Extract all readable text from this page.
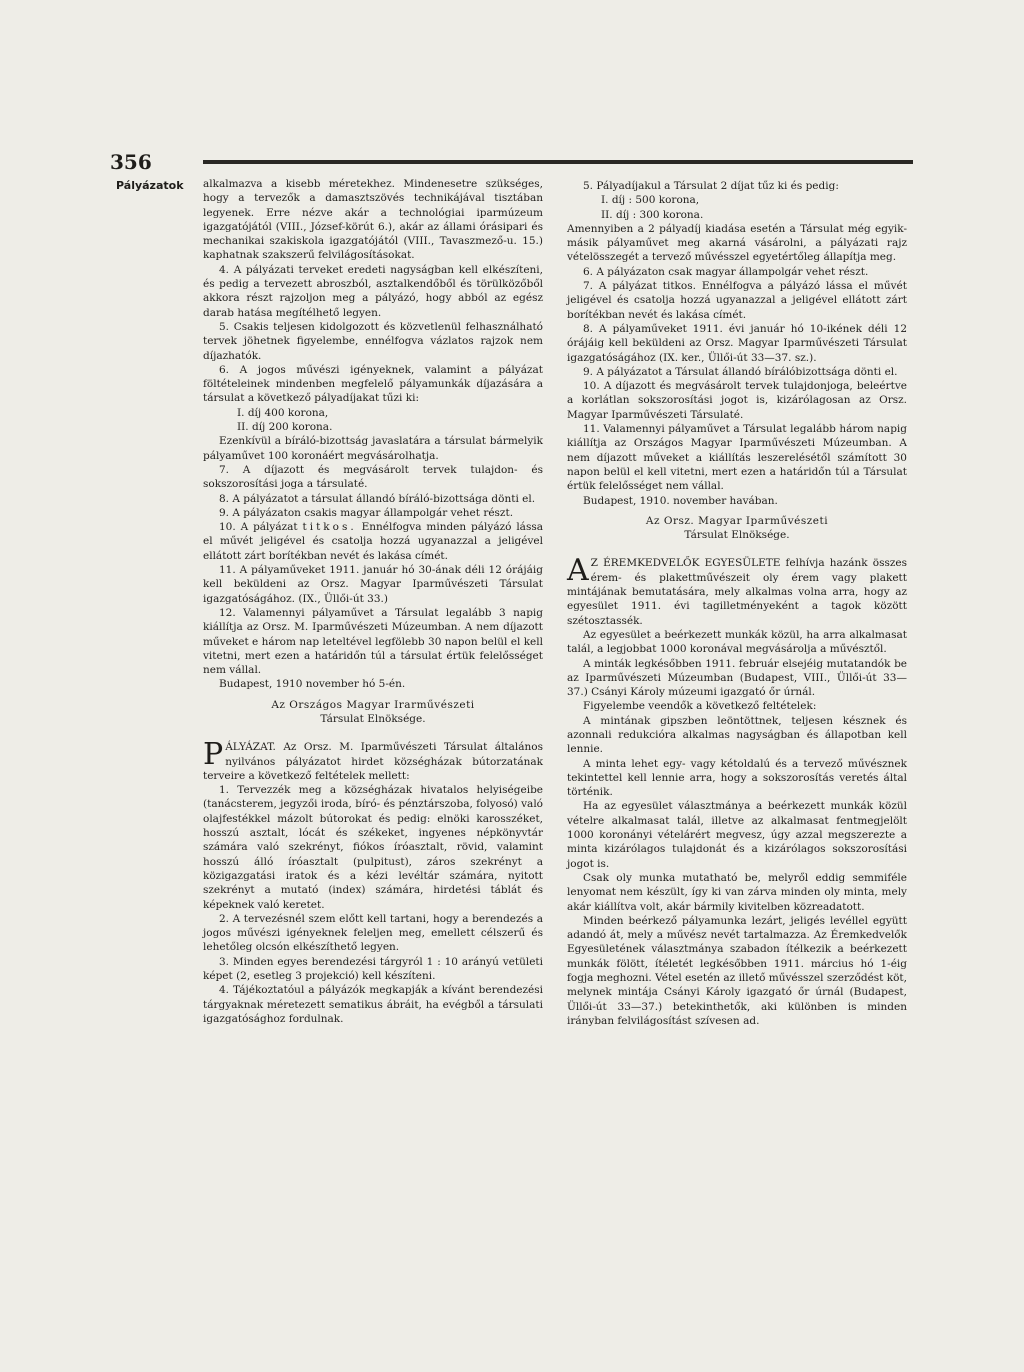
356
Pályázatok alkalmazva a kisebb méretekhez. Mindenesetre szükséges, hogy a tervezők a damasztszövés technikájával tisztában legyenek. Erre nézve akár a technológiai iparmúzeum igazgatójától (VIII., József-körút 6.), akár az állami órásipari és mechanikai szakiskola igazgatójától (VIII., Tavaszmező-u. 15.) kaphatnak szakszerű felvilágosításokat.

4. A pályázati terveket eredeti nagyságban kell elkészíteni, és pedig a tervezett abroszból, asztalkendőből és törülközőből akkora részt rajzoljon meg a pályázó, hogy abból az egész darab hatása megítélhető legyen.

5. Csakis teljesen kidolgozott és közvetlenül felhasználható tervek jöhetnek figyelembe, ennélfogva vázlatos rajzok nem díjazhatók.

6. A jogos művészi igényeknek, valamint a pályázat föltételeinek mindenben megfelelő pályamunkák díjazására a társulat a következő pályadíjakat tűzi ki:

I. díj 400 korona,

II. díj 200 korona.

Ezenkívül a bíráló-bizottság javaslatára a társulat bármelyik pályaművet 100 koronáért megvásárolhatja.

7. A díjazott és megvásárolt tervek tulajdon- és sokszorosítási joga a társulaté.

8. A pályázatot a társulat állandó bíráló-bizottsága dönti el.

9. A pályázaton csakis magyar állampolgár vehet részt.

10. A pályázat titkos. Ennélfogva minden pályázó lássa el művét jeligével és csatolja hozzá ugyanazzal a jeligével ellátott zárt borítékban nevét és lakása címét.

11. A pályaműveket 1911. január hó 30-ának déli 12 órájáig kell beküldeni az Orsz. Magyar Iparművészeti Társulat igazgatóságához. (IX., Üllői-út 33.)

12. Valamennyi pályaművet a Társulat legalább 3 napig kiállítja az Orsz. M. Iparművészeti Múzeumban. A nem díjazott műveket e három nap leteltével legfölebb 30 napon belül el kell vitetni, mert ezen a határidőn túl a társulat értük felelősséget nem vállal.

Budapest, 1910 november hó 5-én.

Az Országos Magyar Irarművészeti

Társulat Elnöksége.

PÁLYÁZAT. Az Orsz. M. Iparművészeti Társulat általános nyilvános pályázatot hirdet községházak bútorzatának terveire a következő feltételek mellett:

1. Tervezzék meg a községházak hivatalos helyiségeibe (tanácsterem, jegyzői iroda, bíró- és pénztárszoba, folyosó) való olajfestékkel mázolt bútorokat és pedig: elnöki karosszéket, hosszú asztalt, lócát és székeket, ingyenes népkönyvtár számára való szekrényt, fiókos íróasztalt, rövid, valamint hosszú álló íróasztalt (pulpitust), záros szekrényt a közigazgatási iratok és a kézi levéltár számára, nyitott szekrényt a mutató (index) számára, hirdetési táblát és képeknek való keretet.

2. A tervezésnél szem előtt kell tartani, hogy a berendezés a jogos művészi igényeknek feleljen meg, emellett célszerű és lehetőleg olcsón elkészíthető legyen.

3. Minden egyes berendezési tárgyról 1 : 10 arányú vetületi képet (2, esetleg 3 projekció) kell készíteni.

4. Tájékoztatóul a pályázók megkapják a kívánt berendezési tárgyaknak méretezett sematikus ábráit, ha evégből a társulati igazgatósághoz fordulnak.

5. Pályadíjakul a Társulat 2 díjat tűz ki és pedig:

I. díj : 500 korona,

II. díj : 300 korona.

Amennyiben a 2 pályadíj kiadása esetén a Társulat még egyik-másik pályaművet meg akarná vásárolni, a pályázati rajz vételösszegét a tervező művésszel egyetértőleg állapítja meg.

6. A pályázaton csak magyar állampolgár vehet részt.

7. A pályázat titkos. Ennélfogva a pályázó lássa el művét jeligével és csatolja hozzá ugyanazzal a jeligével ellátott zárt borítékban nevét és lakása címét.

8. A pályaműveket 1911. évi január hó 10-ikének déli 12 órájáig kell beküldeni az Orsz. Magyar Iparművészeti Társulat igazgatóságához (IX. ker., Üllői-út 33—37. sz.).

9. A pályázatot a Társulat állandó bírálóbizottsága dönti el.

10. A díjazott és megvásárolt tervek tulajdonjoga, beleértve a korlátlan sokszorosítási jogot is, kizárólagosan az Orsz. Magyar Iparművészeti Társulaté.

11. Valamennyi pályaművet a Társulat legalább három napig kiállítja az Országos Magyar Iparművészeti Múzeumban. A nem díjazott műveket a kiállítás leszerelésétől számított 30 napon belül el kell vitetni, mert ezen a határidőn túl a Társulat értük felelősséget nem vállal.

Budapest, 1910. november havában.

Az Orsz. Magyar Iparművészeti

Társulat Elnöksége.

A Z ÉREMKEDVELŐK EGYESÜLETE felhívja hazánk összes érem- és plakettművészeit oly érem vagy plakett mintájának bemutatására, mely alkalmas volna arra, hogy az egyesület 1911. évi tagilletményeként a tagok között szétosztassék.

Az egyesület a beérkezett munkák közül, ha arra alkalmasat talál, a legjobbat 1000 koronával megvásárolja a művésztől.

A minták legkésőbben 1911. február elsejéig mutatandók be az Iparművészeti Múzeumban (Budapest, VIII., Üllői-út 33—37.) Csányi Károly múzeumi igazgató őr úrnál.

Figyelembe veendők a következő feltételek:

A mintának gipszben leöntöttnek, teljesen késznek és azonnali redukcióra alkalmas nagyságban és állapotban kell lennie.

A minta lehet egy- vagy kétoldalú és a tervező művésznek tekintettel kell lennie arra, hogy a sokszorosítás veretés által történik.

Ha az egyesület választmánya a beérkezett munkák közül vételre alkalmasat talál, illetve az alkalmasat fentmegjelölt 1000 koronányi vételárért megvesz, úgy azzal megszerezte a minta kizárólagos tulajdonát és a kizárólagos sokszorosítási jogot is.

Csak oly munka mutatható be, melyről eddig semmiféle lenyomat nem készült, így ki van zárva minden oly minta, mely akár kiállítva volt, akár bármily kivitelben közreadatott.

Minden beérkező pályamunka lezárt, jeligés levéllel együtt adandó át, mely a művész nevét tartalmazza. Az Éremkedvelők Egyesületének választmánya szabadon ítélkezik a beérkezett munkák fölött, ítéletét legkésőbben 1911. március hó 1-éig fogja meghozni. Vétel esetén az illető művésszel szerződést köt, melynek mintája Csányi Károly igazgató őr úrnál (Budapest, Üllői-út 33—37.) betekinthetők, aki különben is minden irányban felvilágosítást szívesen ad.
